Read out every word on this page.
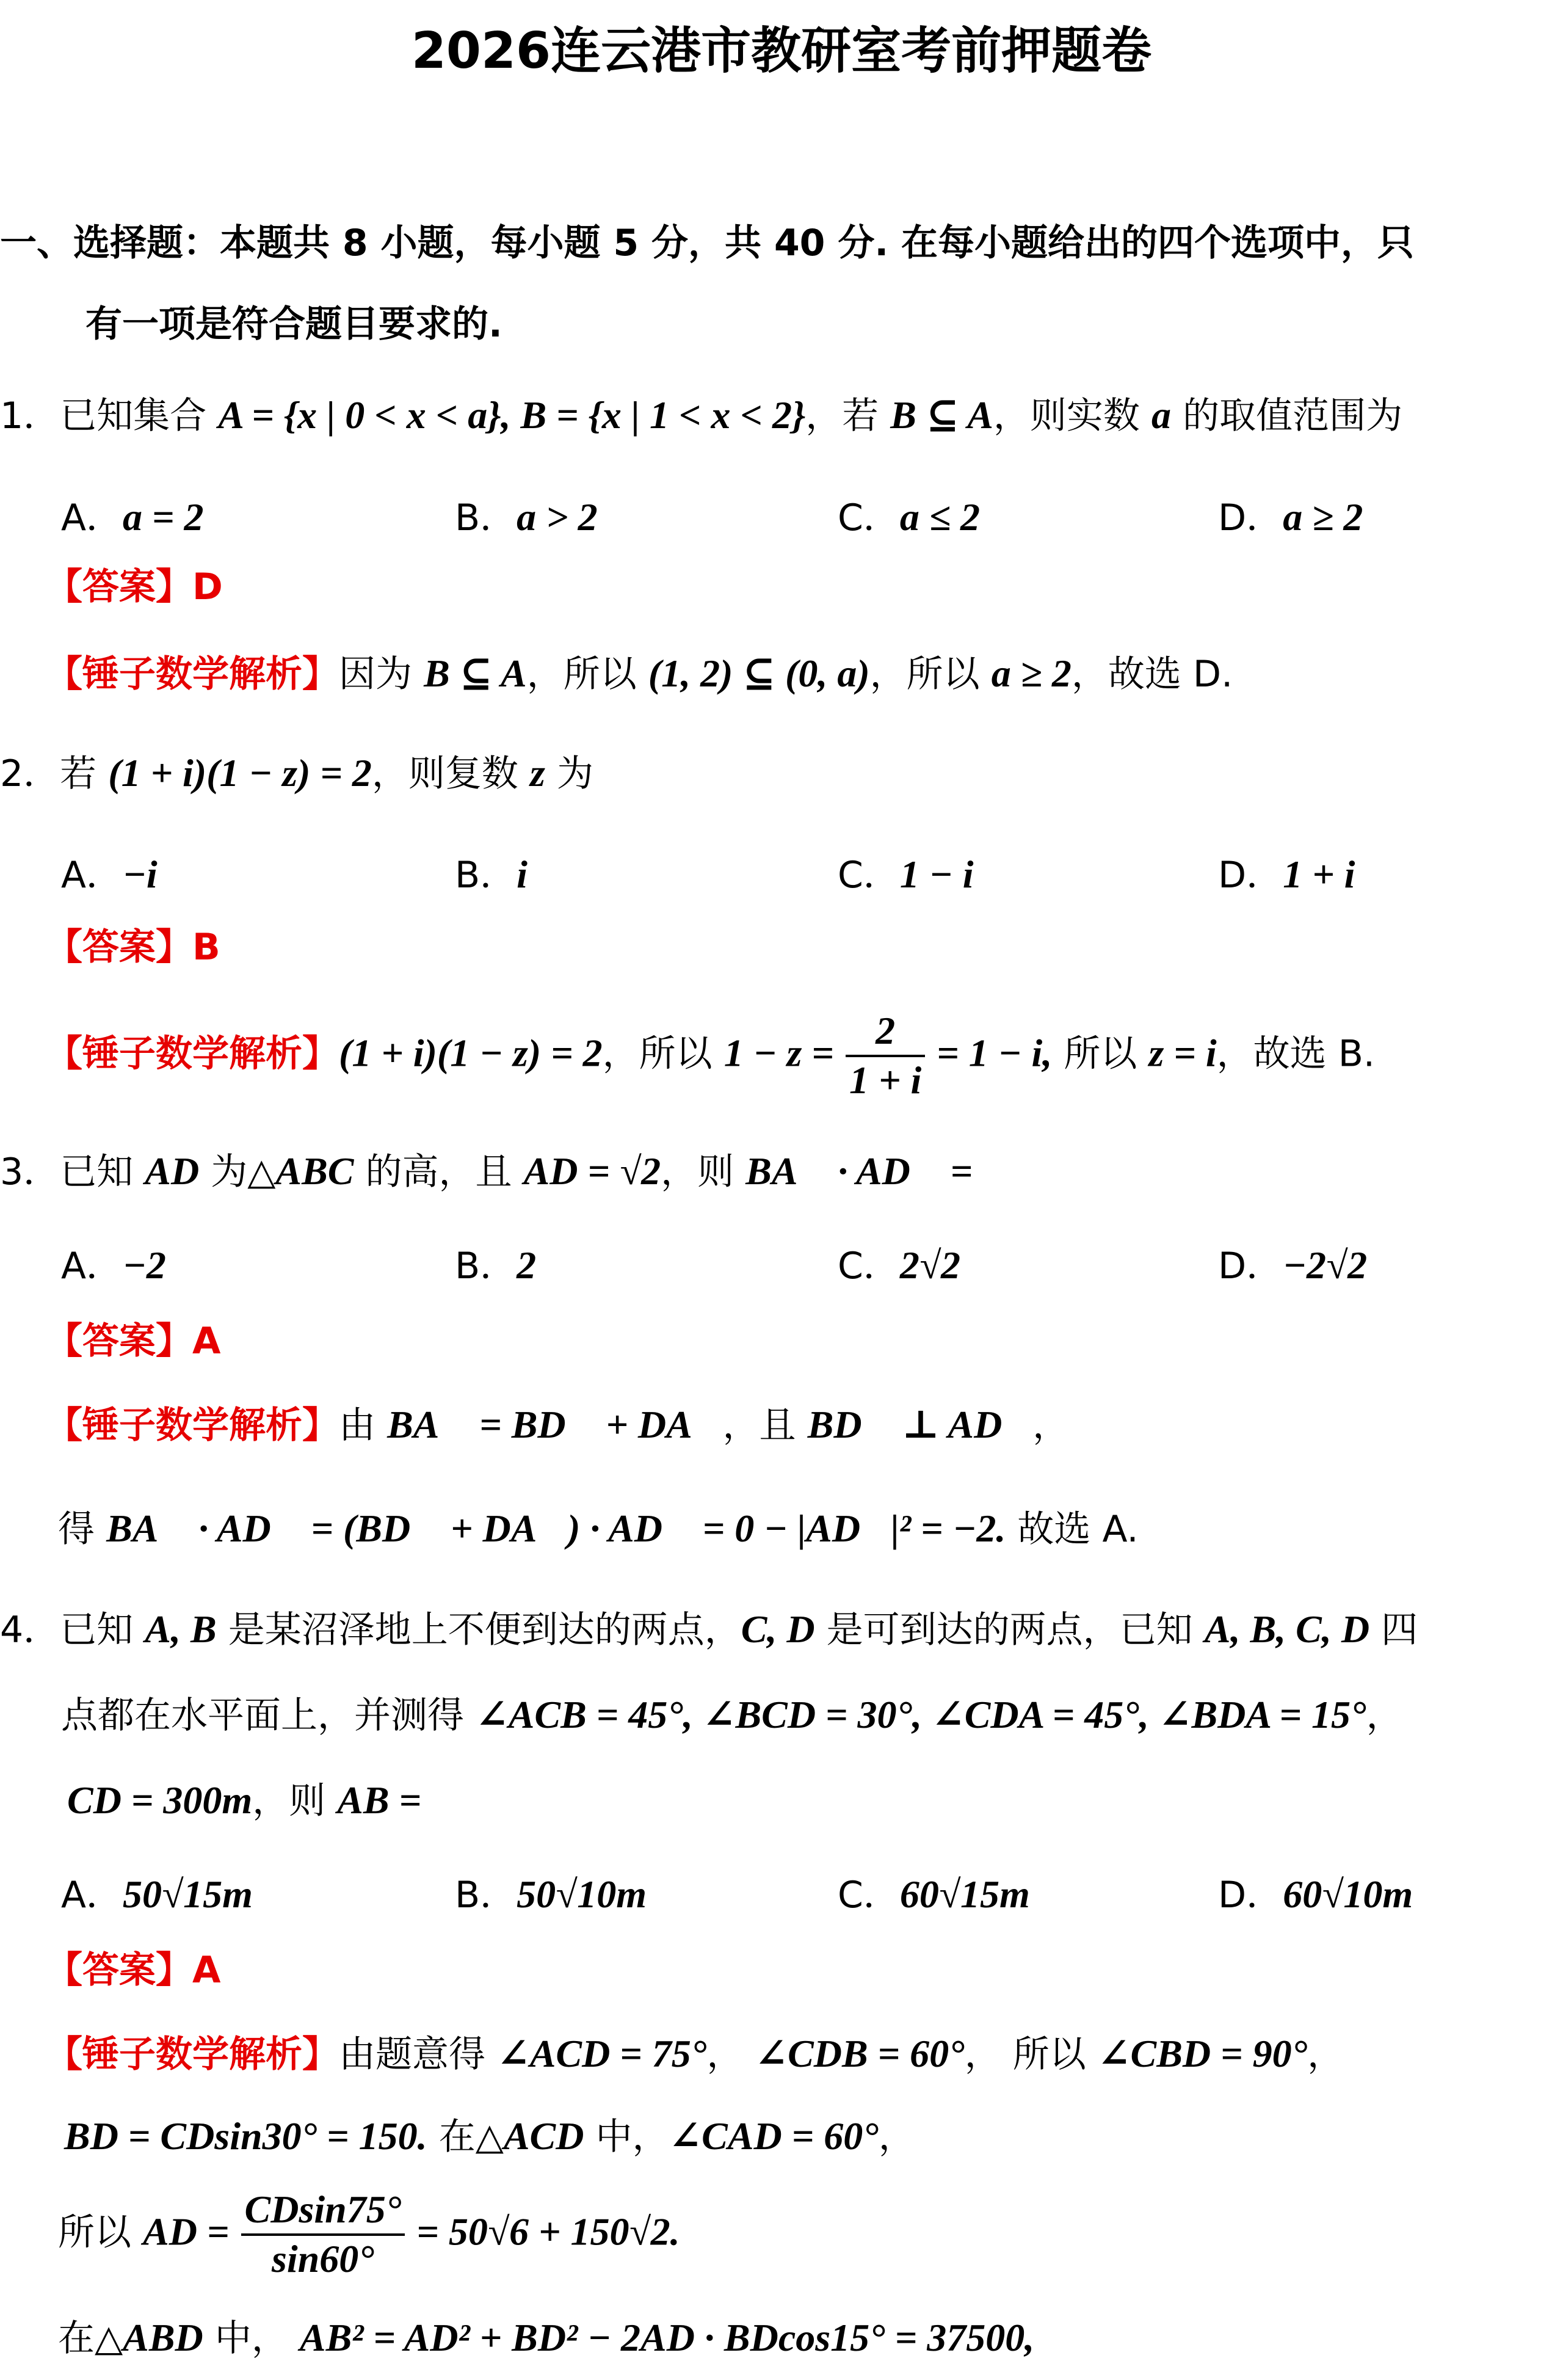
2026连云港市教研室考前押题卷
一、选择题：本题共 8 小题，每小题 5 分，共 40 分. 在每小题给出的四个选项中，只
有一项是符合题目要求的.
1．已知集合 A = {x | 0 < x < a}, B = {x | 1 < x < 2}，若 B ⊆ A，则实数 a 的取值范围为
A．a = 2	B．a > 2	C．a ≤ 2	D．a ≥ 2
【答案】D
【锤子数学解析】因为 B ⊆ A，所以 (1, 2) ⊆ (0, a)，所以 a ≥ 2，故选 D.
2．若 (1 + i)(1 − z) = 2，则复数 z 为
A．−i	B．i	C．1 − i	D．1 + i
【答案】B
【锤子数学解析】(1 + i)(1 − z) = 2，所以 $1 - z = \frac{2}{1 + i} = 1 - i$, 所以 z = i，故选 B.
3．已知 AD 为△ABC 的高，且 AD = √2，则 BA⃗ · AD⃗ =
A．−2	B．2	C．2√2	D．−2√2
【答案】A
【锤子数学解析】由 BA⃗ = BD⃗ + DA⃗，且 BD⃗ ⊥ AD⃗，
得 BA⃗ · AD⃗ = (BD⃗ + DA⃗) · AD⃗ = 0 − |AD⃗|² = −2. 故选 A.
4．已知 A, B 是某沼泽地上不便到达的两点，C, D 是可到达的两点，已知 A, B, C, D 四
点都在水平面上，并测得 ∠ACB = 45°, ∠BCD = 30°, ∠CDA = 45°, ∠BDA = 15°，
CD = 300m，则 AB =
A．50√15m	B．50√10m	C．60√15m	D．60√10m
【答案】A
【锤子数学解析】由题意得 ∠ACD = 75°， ∠CDB = 60°， 所以 ∠CBD = 90°，
BD = CDsin30° = 150. 在△ACD 中，∠CAD = 60°，
所以 AD = $\frac{CDsin75^\circ}{\sin 60^\circ} = 50√6 + 150√2$.
在△ABD 中， AB² = AD² + BD² − 2AD · BDcos15° = 37500,
